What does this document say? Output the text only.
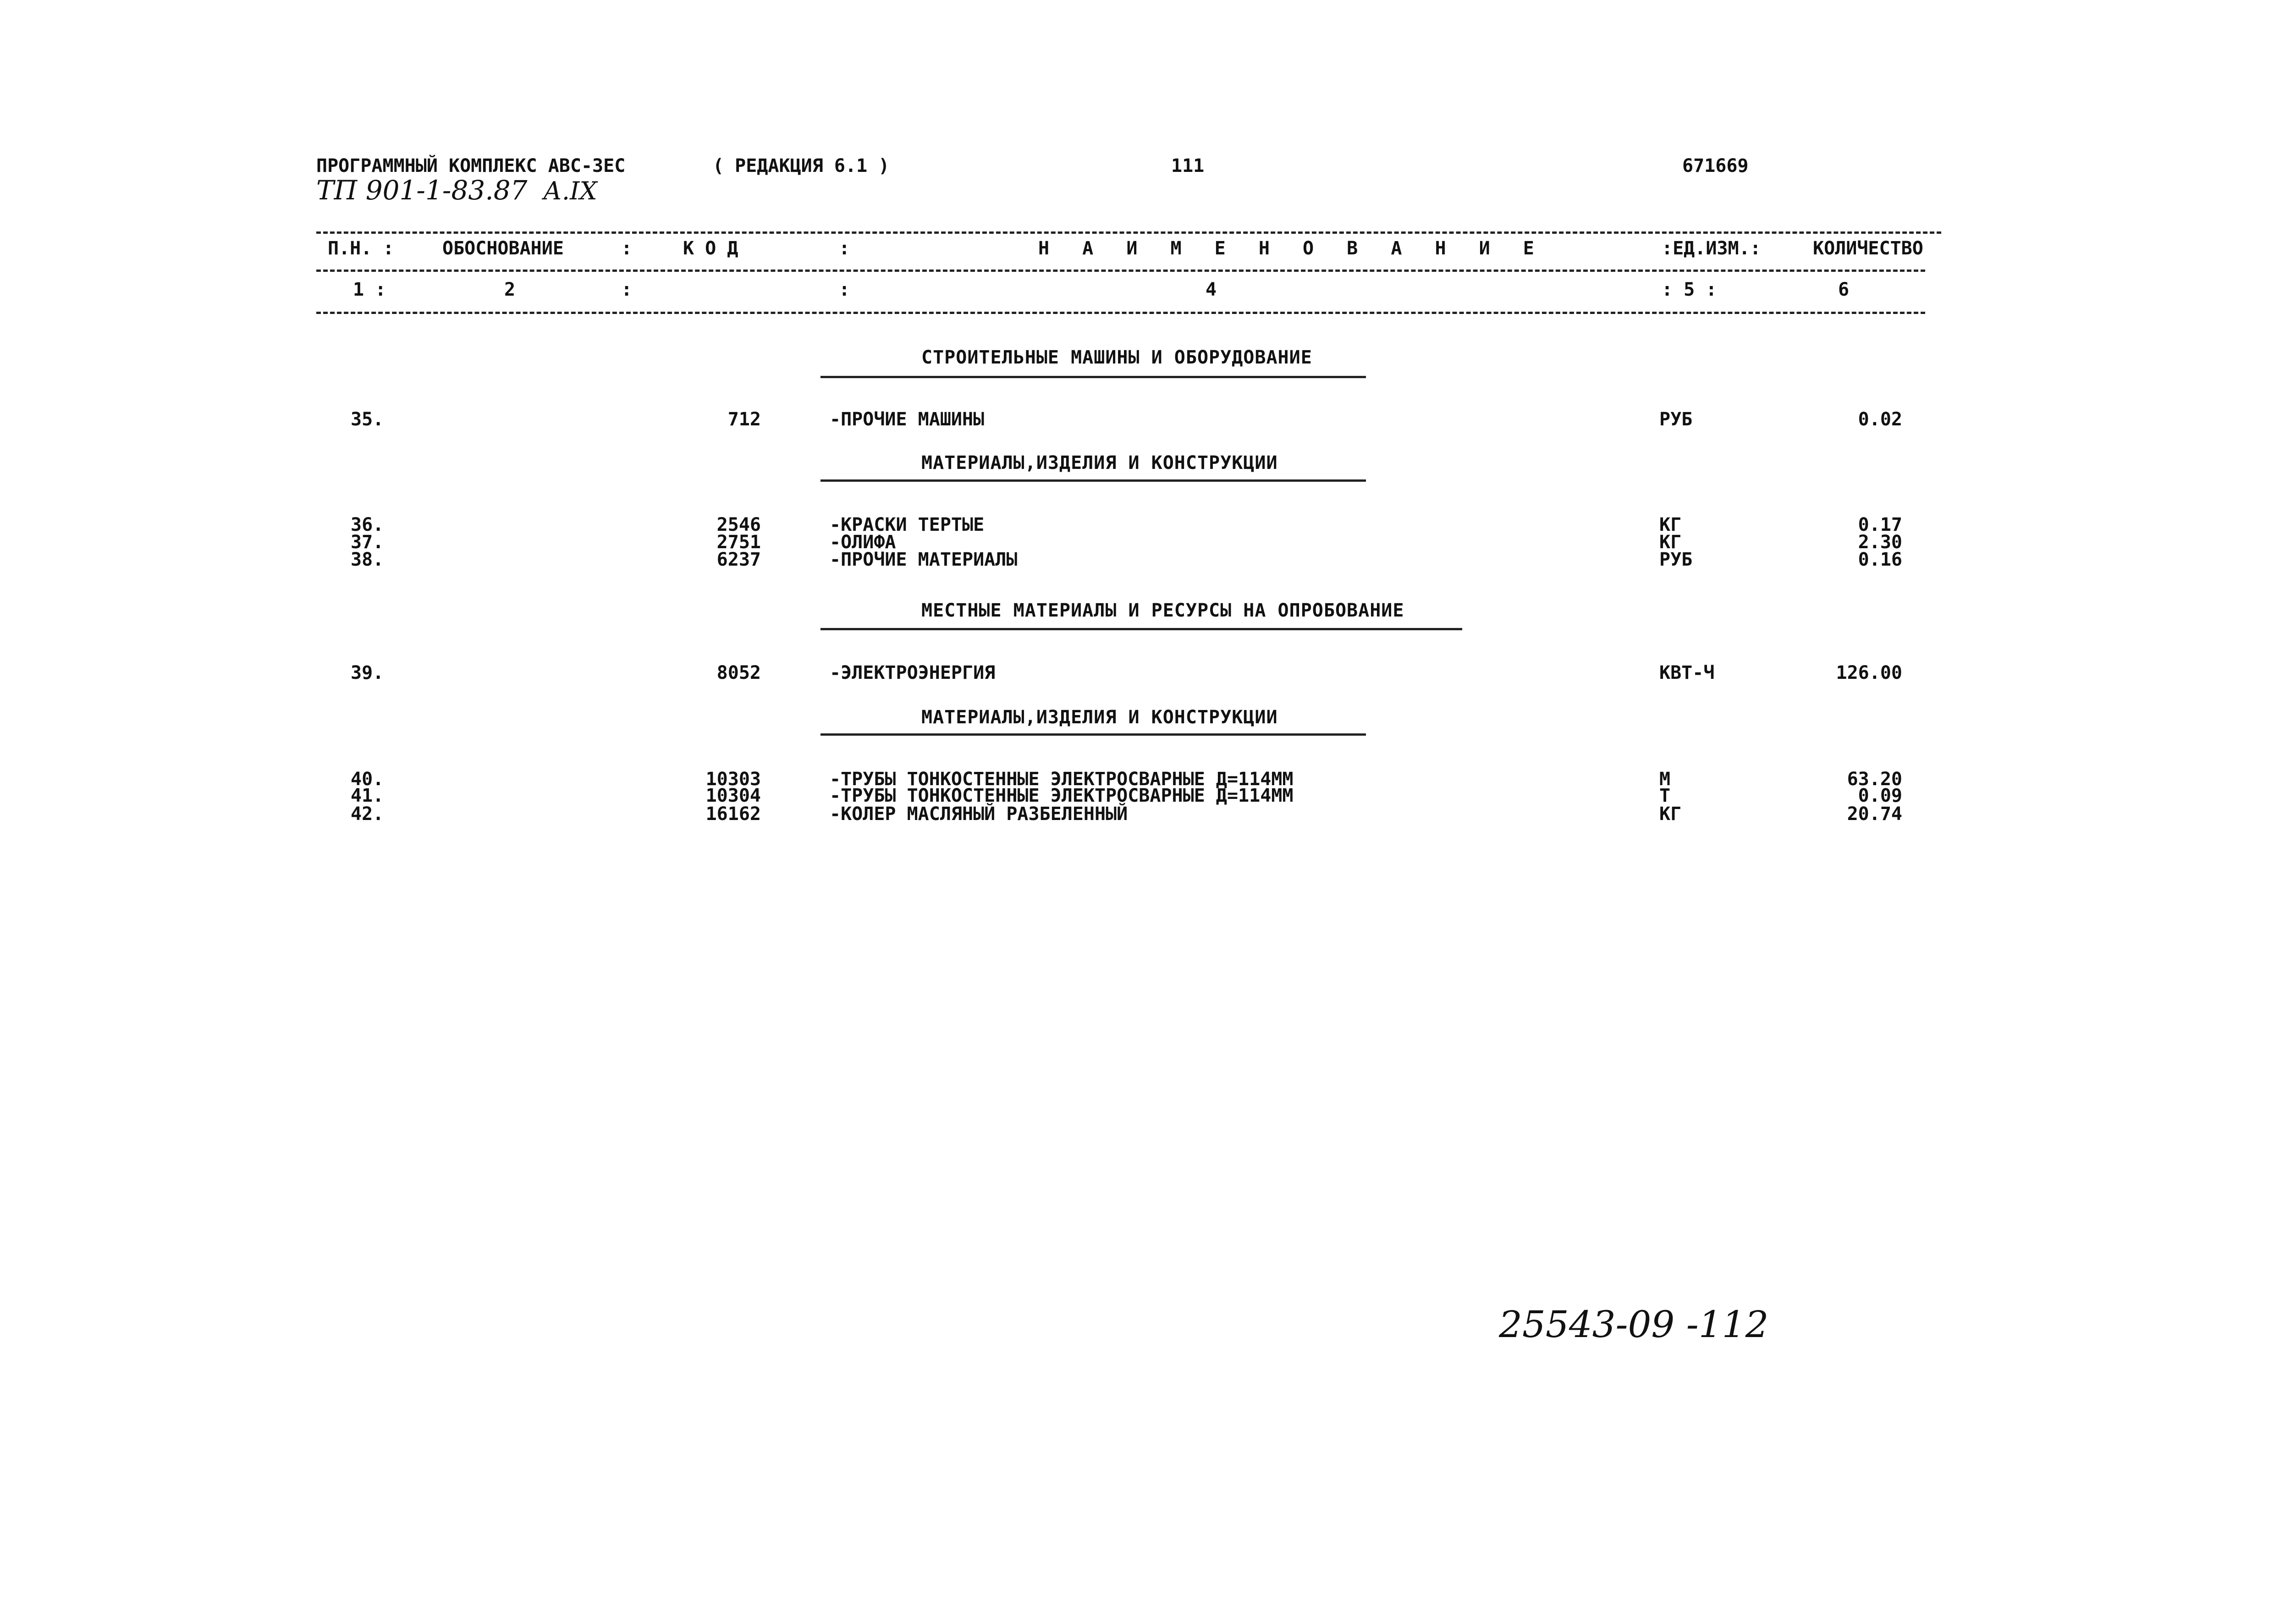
ПРОГРАММНЫЙ КОМПЛЕКС АВС-ЗЕС	( РЕДАКЦИЯ 6.1 )	111	671669
ТП 901-1-83.87 А.IX
П.Н. :	ОБОСНОВАНИЕ	:	К О Д	:	Н А И М Е Н О В А Н И Е	:ЕД.ИЗМ.:	КОЛИЧЕСТВО
1 :	2	:	:	4	: 5 :	6
СТРОИТЕЛЬНЫЕ МАШИНЫ И ОБОРУДОВАНИЕ
35.	712	-ПРОЧИЕ МАШИНЫ	РУБ	0.02
МАТЕРИАЛЫ,ИЗДЕЛИЯ И КОНСТРУКЦИИ
36.	2546	-КРАСКИ ТЕРТЫЕ	КГ	0.17
37.	2751	-ОЛИФА	КГ	2.30
38.	6237	-ПРОЧИЕ МАТЕРИАЛЫ	РУБ	0.16
МЕСТНЫЕ МАТЕРИАЛЫ И РЕСУРСЫ НА ОПРОБОВАНИЕ
39.	8052	-ЭЛЕКТРОЭНЕРГИЯ	КВТ-Ч	126.00
МАТЕРИАЛЫ,ИЗДЕЛИЯ И КОНСТРУКЦИИ
40.	10303	-ТРУБЫ ТОНКОСТЕННЫЕ ЭЛЕКТРОСВАРНЫЕ Д=114ММ	М	63.20
41.	10304	-ТРУБЫ ТОНКОСТЕННЫЕ ЭЛЕКТРОСВАРНЫЕ Д=114ММ	Т	0.09
42.	16162	-КОЛЕР МАСЛЯНЫЙ РАЗБЕЛЕННЫЙ	КГ	20.74
25543-09 -112
